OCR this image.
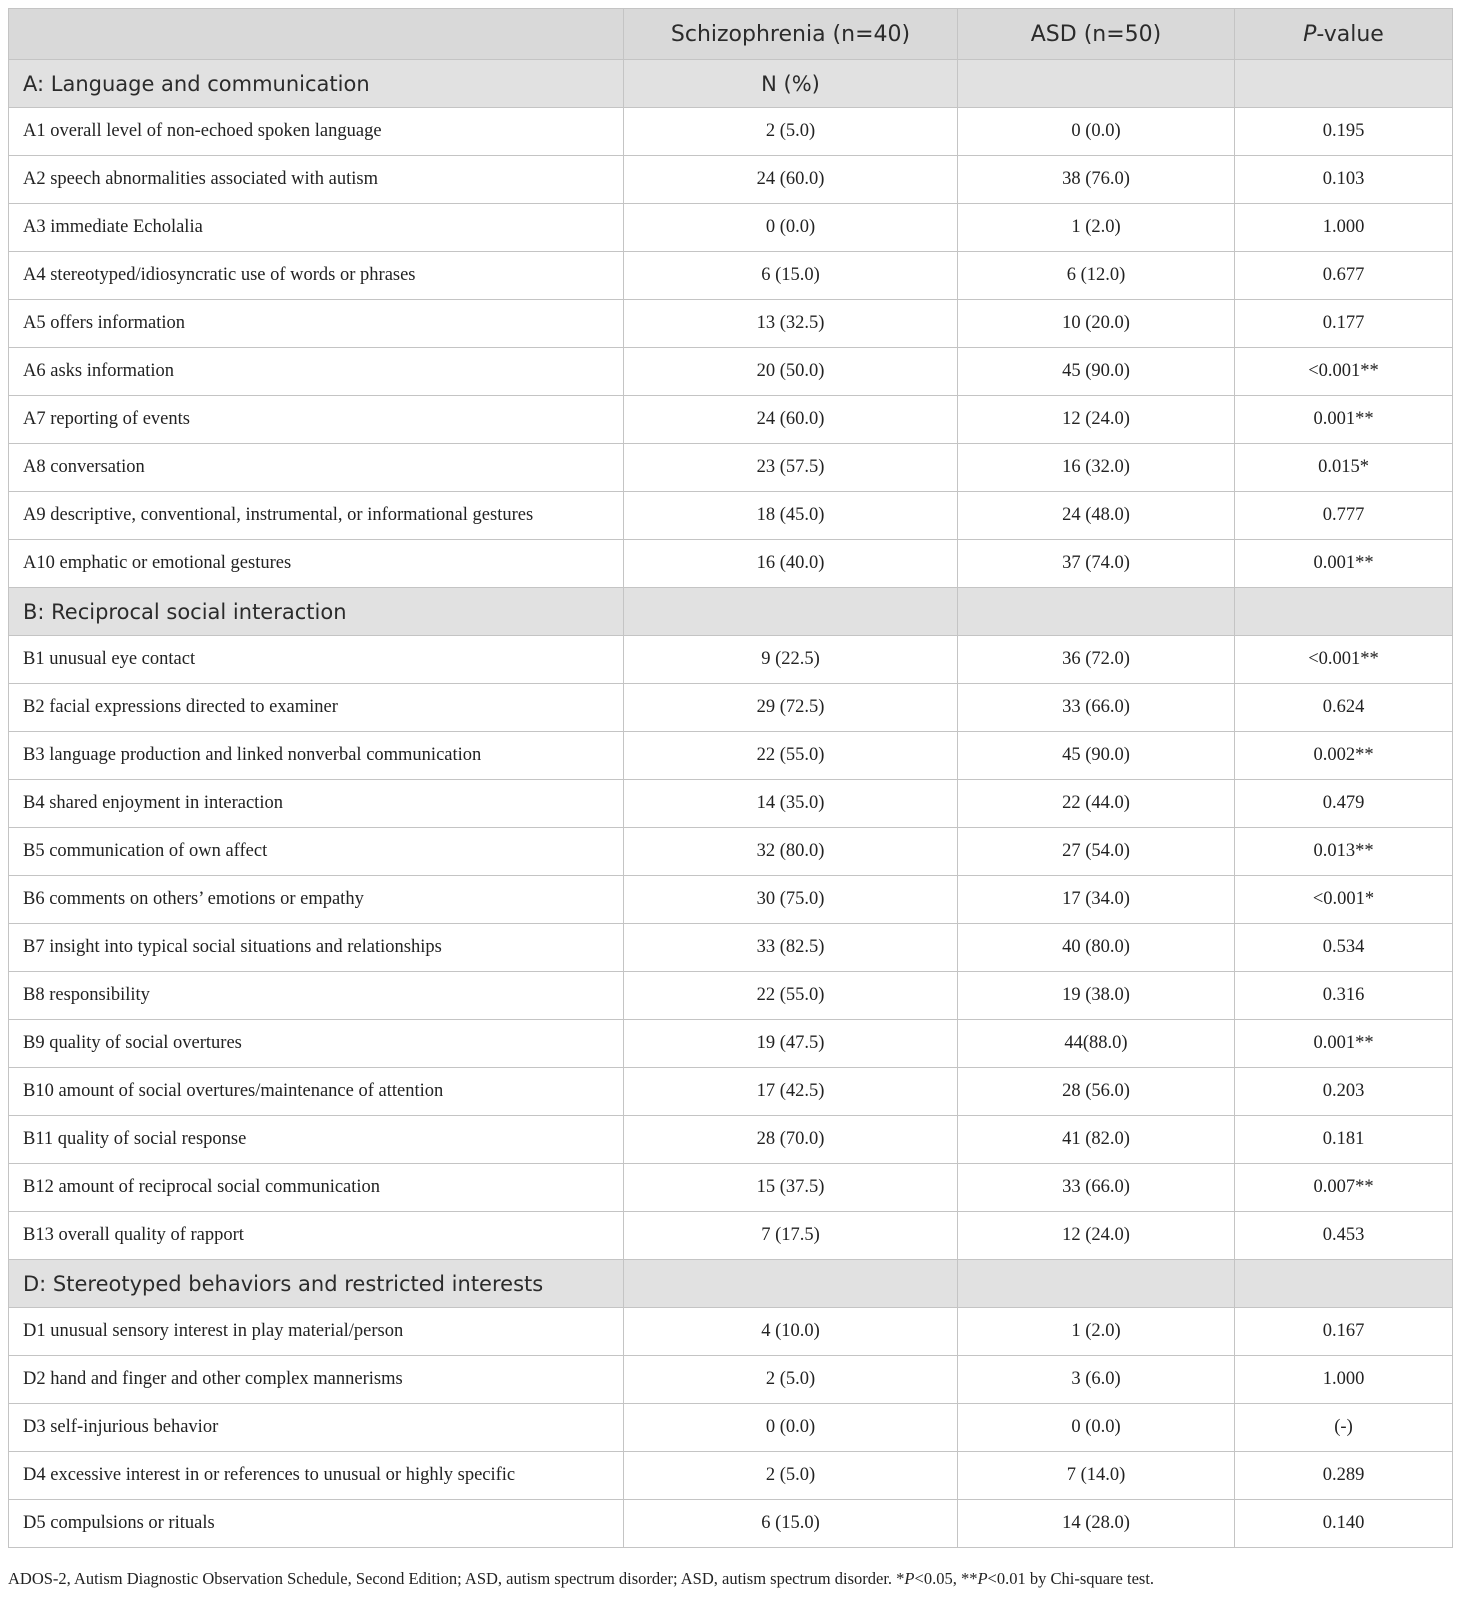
	Schizophrenia (n=40)	ASD (n=50)	P-value
A: Language and communication	N (%)		
A1 overall level of non-echoed spoken language	2 (5.0)	0 (0.0)	0.195
A2 speech abnormalities associated with autism	24 (60.0)	38 (76.0)	0.103
A3 immediate Echolalia	0 (0.0)	1 (2.0)	1.000
A4 stereotyped/idiosyncratic use of words or phrases	6 (15.0)	6 (12.0)	0.677
A5 offers information	13 (32.5)	10 (20.0)	0.177
A6 asks information	20 (50.0)	45 (90.0)	<0.001**
A7 reporting of events	24 (60.0)	12 (24.0)	0.001**
A8 conversation	23 (57.5)	16 (32.0)	0.015*
A9 descriptive, conventional, instrumental, or informational gestures	18 (45.0)	24 (48.0)	0.777
A10 emphatic or emotional gestures	16 (40.0)	37 (74.0)	0.001**
B: Reciprocal social interaction			
B1 unusual eye contact	9 (22.5)	36 (72.0)	<0.001**
B2 facial expressions directed to examiner	29 (72.5)	33 (66.0)	0.624
B3 language production and linked nonverbal communication	22 (55.0)	45 (90.0)	0.002**
B4 shared enjoyment in interaction	14 (35.0)	22 (44.0)	0.479
B5 communication of own affect	32 (80.0)	27 (54.0)	0.013**
B6 comments on others’ emotions or empathy	30 (75.0)	17 (34.0)	<0.001*
B7 insight into typical social situations and relationships	33 (82.5)	40 (80.0)	0.534
B8 responsibility	22 (55.0)	19 (38.0)	0.316
B9 quality of social overtures	19 (47.5)	44(88.0)	0.001**
B10 amount of social overtures/maintenance of attention	17 (42.5)	28 (56.0)	0.203
B11 quality of social response	28 (70.0)	41 (82.0)	0.181
B12 amount of reciprocal social communication	15 (37.5)	33 (66.0)	0.007**
B13 overall quality of rapport	7 (17.5)	12 (24.0)	0.453
D: Stereotyped behaviors and restricted interests			
D1 unusual sensory interest in play material/person	4 (10.0)	1 (2.0)	0.167
D2 hand and finger and other complex mannerisms	2 (5.0)	3 (6.0)	1.000
D3 self-injurious behavior	0 (0.0)	0 (0.0)	(-)
D4 excessive interest in or references to unusual or highly specific	2 (5.0)	7 (14.0)	0.289
D5 compulsions or rituals	6 (15.0)	14 (28.0)	0.140
ADOS-2, Autism Diagnostic Observation Schedule, Second Edition; ASD, autism spectrum disorder; ASD, autism spectrum disorder. *P<0.05, **P<0.01 by Chi-square test.
